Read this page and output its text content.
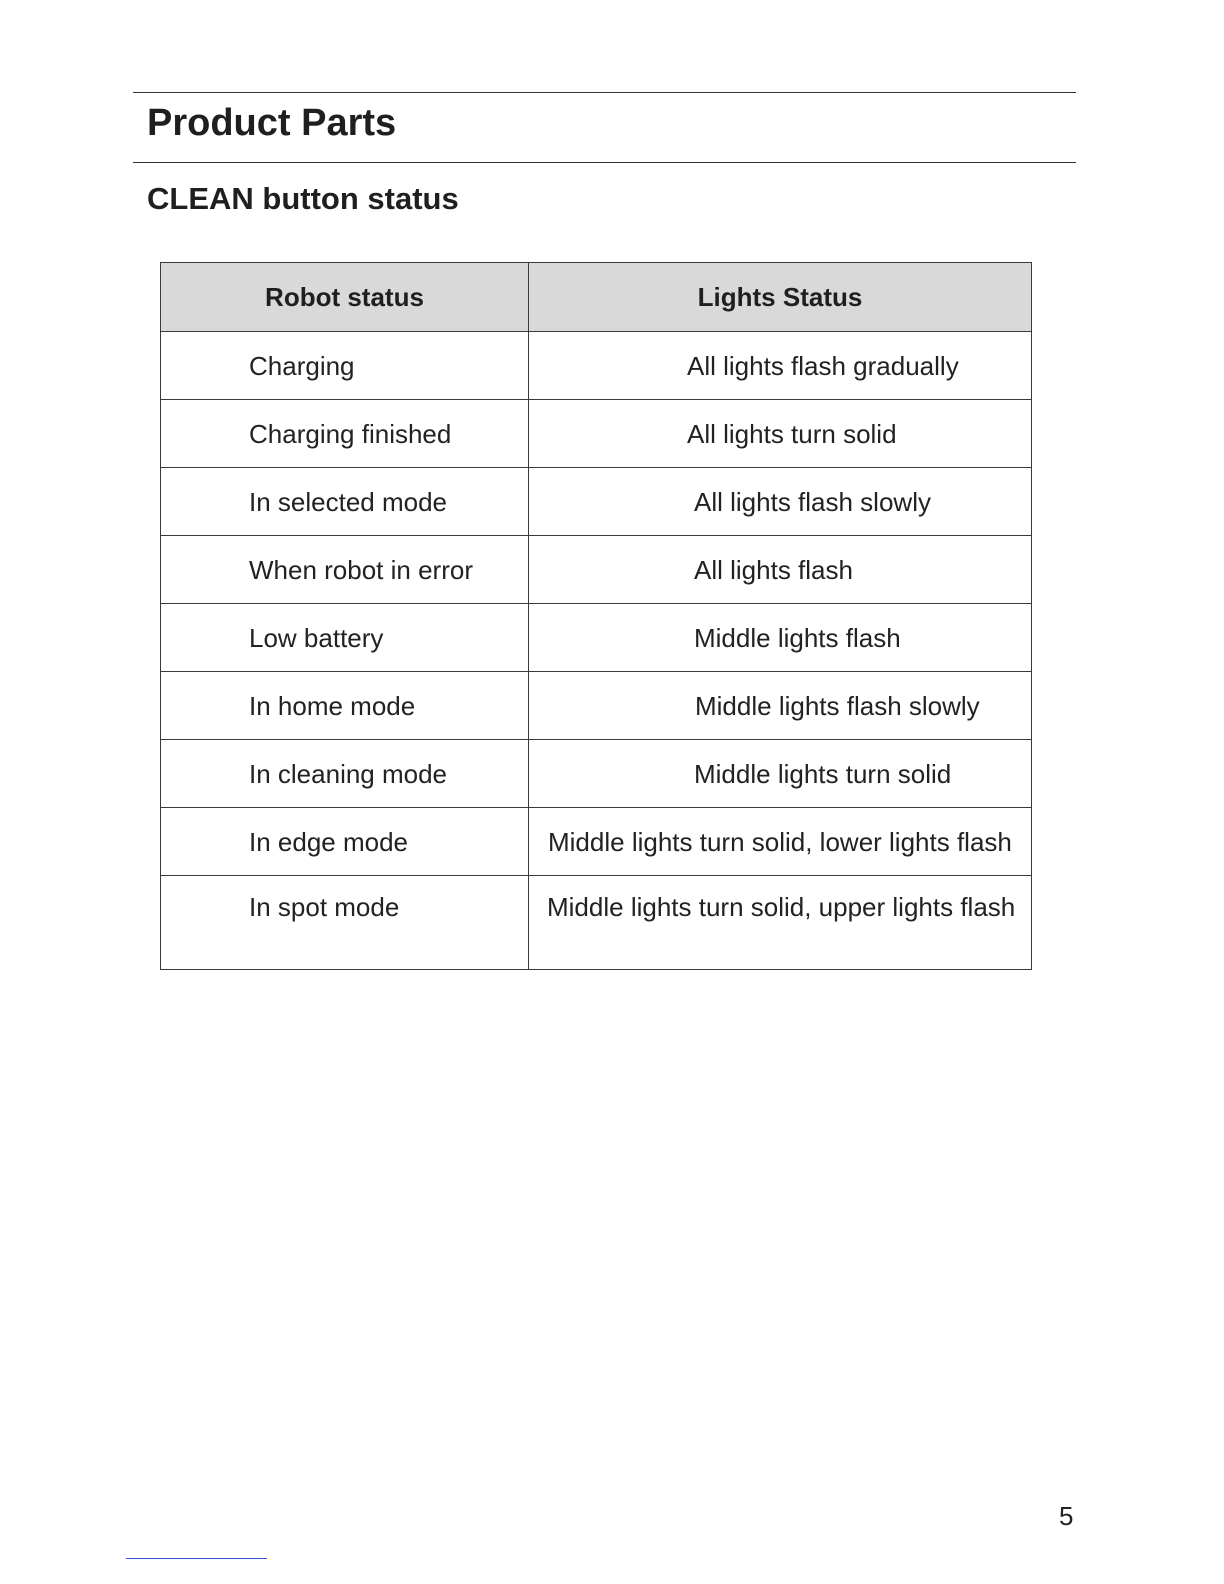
Product Parts
CLEAN button status
Robot status	Lights Status
Charging	All lights flash gradually
Charging finished	All lights turn solid
In selected mode	All lights flash slowly
When robot in error	All lights flash
Low battery	Middle lights flash
In home mode	Middle lights flash slowly
In cleaning mode	Middle lights turn solid
In edge mode	Middle lights turn solid, lower lights flash
In spot mode	Middle lights turn solid, upper lights flash
5
